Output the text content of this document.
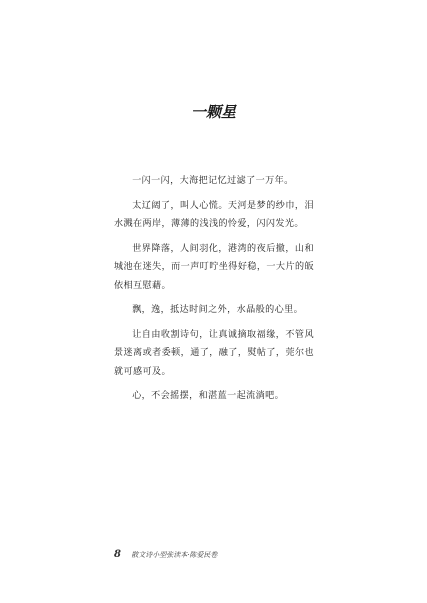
一颗星

一闪一闪，大海把记忆过滤了一万年。

太辽阔了，叫人心慌。天河是梦的纱巾，泪水溅在两岸，薄薄的浅浅的怜爱，闪闪发光。

世界降落，人间羽化，港湾的夜后撤，山和城池在迷失，而一声叮咛坐得好稳，一大片的皈依相互慰藉。

飘，逸，抵达时间之外，水晶般的心里。

让自由收割诗句，让真诚摘取福缘，不管风景迷离或者委顿，通了，融了，熨帖了，莞尔也就可感可及。

心，不会摇摆，和湛蓝一起流淌吧。

8 散文诗小型张读本·陈爱民卷
